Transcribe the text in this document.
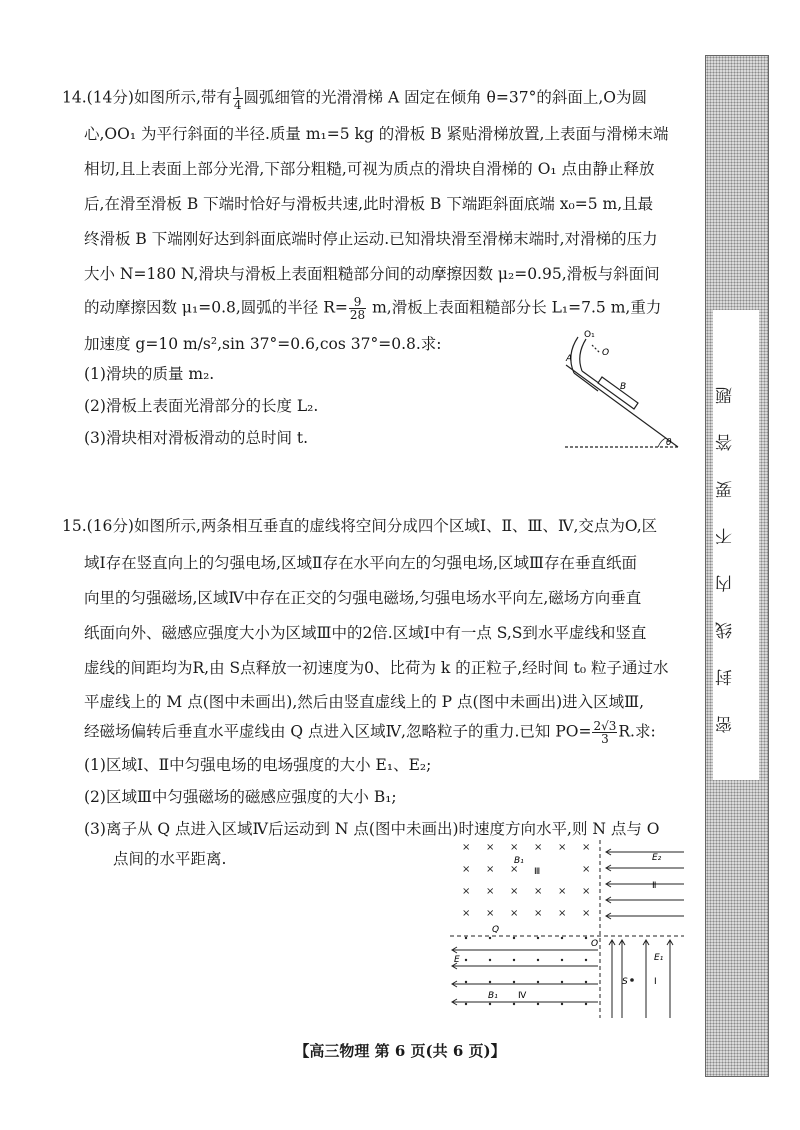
密封线内不要答题
14.(14分)如图所示,带有 $\frac{1}{4}$ 圆弧细管的光滑滑梯 A 固定在倾角 θ=37°的斜面上,O为圆
心,OO₁ 为平行斜面的半径.质量 m₁=5 kg 的滑板 B 紧贴滑梯放置,上表面与滑梯末端
相切,且上表面上部分光滑,下部分粗糙,可视为质点的滑块自滑梯的 O₁ 点由静止释放
后,在滑至滑板 B 下端时恰好与滑板共速,此时滑板 B 下端距斜面底端 x₀=5 m,且最
终滑板 B 下端刚好达到斜面底端时停止运动.已知滑块滑至滑梯末端时,对滑梯的压力
大小 N=180 N,滑块与滑板上表面粗糙部分间的动摩擦因数 μ₂=0.95,滑板与斜面间
的动摩擦因数 μ₁=0.8,圆弧的半径 $R= \frac{9}{28} m$,滑板上表面粗糙部分长 L₁=7.5 m,重力
加速度 g=10 m/s²,sin 37°=0.6,cos 37°=0.8.求:
(1)滑块的质量 m₂.
(2)滑板上表面光滑部分的长度 L₂.
(3)滑块相对滑板滑动的总时间 t.
O₁
O
A
B
θ
15.(16分)如图所示,两条相互垂直的虚线将空间分成四个区域Ⅰ、Ⅱ、Ⅲ、Ⅳ,交点为O,区
域Ⅰ存在竖直向上的匀强电场,区域Ⅱ存在水平向左的匀强电场,区域Ⅲ存在垂直纸面
向里的匀强磁场,区域Ⅳ中存在正交的匀强电磁场,匀强电场水平向左,磁场方向垂直
纸面向外、磁感应强度大小为区域Ⅲ中的2倍.区域Ⅰ中有一点 S,S到水平虚线和竖直
虚线的间距均为R,由 S点释放一初速度为0、比荷为 k 的正粒子,经时间 t₀ 粒子通过水
平虚线上的 M 点(图中未画出),然后由竖直虚线上的 P 点(图中未画出)进入区域Ⅲ,
经磁场偏转后垂直水平虚线由 Q 点进入区域Ⅳ,忽略粒子的重力.已知 $PO= \frac{2√3}{3} R$.求:
(1)区域Ⅰ、Ⅱ中匀强电场的电场强度的大小 E₁、E₂;
(2)区域Ⅲ中匀强磁场的磁感应强度的大小 B₁;
(3)离子从 Q 点进入区域Ⅳ后运动到 N 点(图中未画出)时速度方向水平,则 N 点与 O
点间的水平距离.
× × × × × ×
× × ×	×
× × × × × ×
× × × × × ×
B₁
Ⅲ
E₂
Ⅱ
Q
O
E₁
S	Ⅰ
E
B₁ Ⅳ
【高三物理 第 6 页(共 6 页)】
